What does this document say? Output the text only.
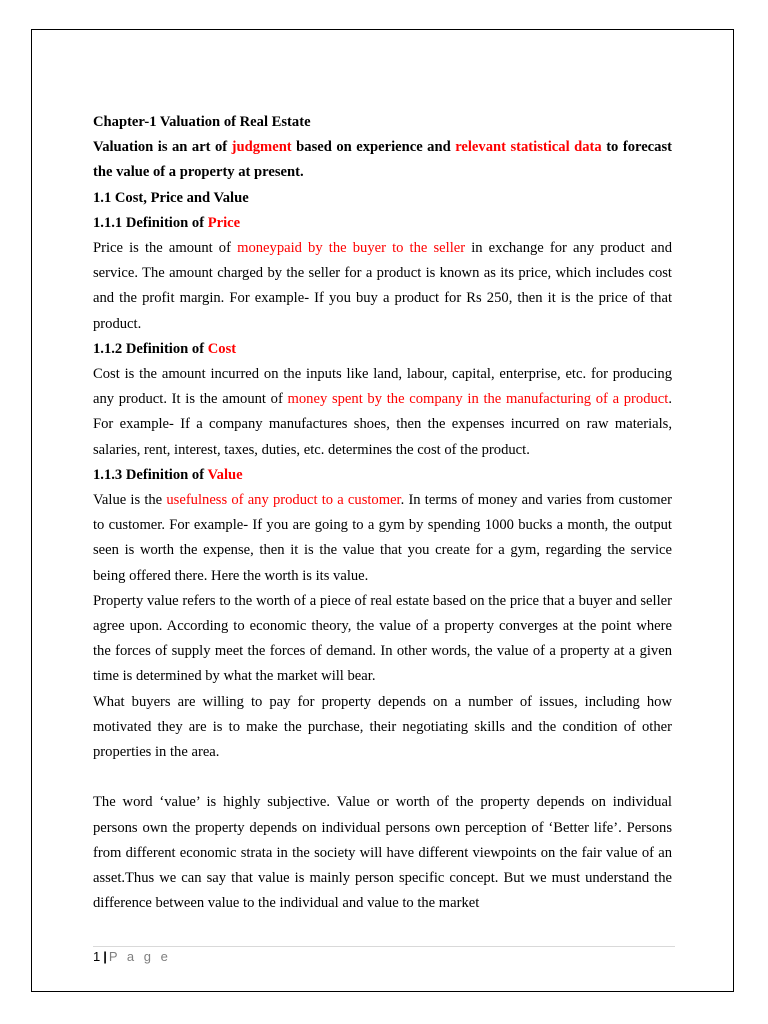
Chapter-1 Valuation of Real Estate

Valuation is an art of judgment based on experience and relevant statistical data to forecast the value of a property at present.

1.1 Cost, Price and Value

1.1.1 Definition of Price

Price is the amount of moneypaid by the buyer to the seller in exchange for any product and service. The amount charged by the seller for a product is known as its price, which includes cost and the profit margin. For example- If you buy a product for Rs 250, then it is the price of that product.

1.1.2 Definition of Cost

Cost is the amount incurred on the inputs like land, labour, capital, enterprise, etc. for producing any product. It is the amount of money spent by the company in the manufacturing of a product. For example- If a company manufactures shoes, then the expenses incurred on raw materials, salaries, rent, interest, taxes, duties, etc. determines the cost of the product.

1.1.3 Definition of Value

Value is the usefulness of any product to a customer. In terms of money and varies from customer to customer. For example- If you are going to a gym by spending 1000 bucks a month, the output seen is worth the expense, then it is the value that you create for a gym, regarding the service being offered there. Here the worth is its value.

Property value refers to the worth of a piece of real estate based on the price that a buyer and seller agree upon. According to economic theory, the value of a property converges at the point where the forces of supply meet the forces of demand. In other words, the value of a property at a given time is determined by what the market will bear.

What buyers are willing to pay for property depends on a number of issues, including how motivated they are is to make the purchase, their negotiating skills and the condition of other properties in the area.

The word ‘value’ is highly subjective. Value or worth of the property depends on individual persons own the property depends on individual persons own perception of ‘Better life’. Persons from different economic strata in the society will have different viewpoints on the fair value of an asset.Thus we can say that value is mainly person specific concept. But we must understand the difference between value to the individual and value to the market

1 | P a g e
